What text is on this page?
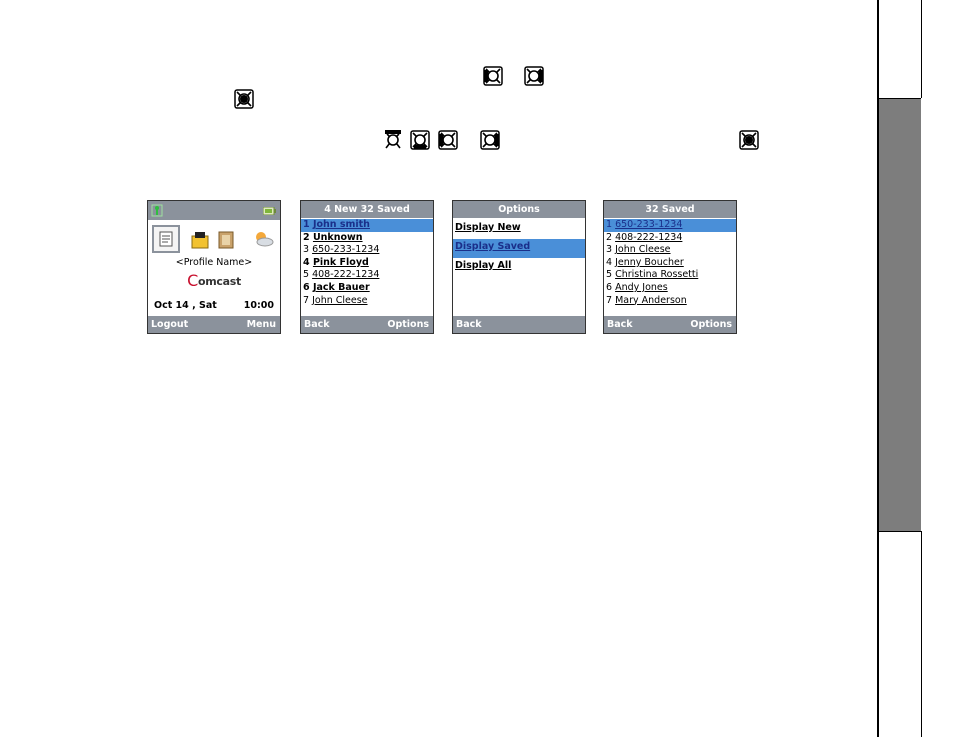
<Profile Name>
Comcast
Oct 14 , Sat	10:00
Logout	Menu
4 New 32 Saved
1 John smith
2 Unknown
3 650-233-1234
4 Pink Floyd
5 408-222-1234
6 Jack Bauer
7 John Cleese
Back	Options
Options
Display New
Display Saved
Display All
Back
32 Saved
1 650-233-1234
2 408-222-1234
3 John Cleese
4 Jenny Boucher
5 Christina Rossetti
6 Andy Jones
7 Mary Anderson
Back	Options
